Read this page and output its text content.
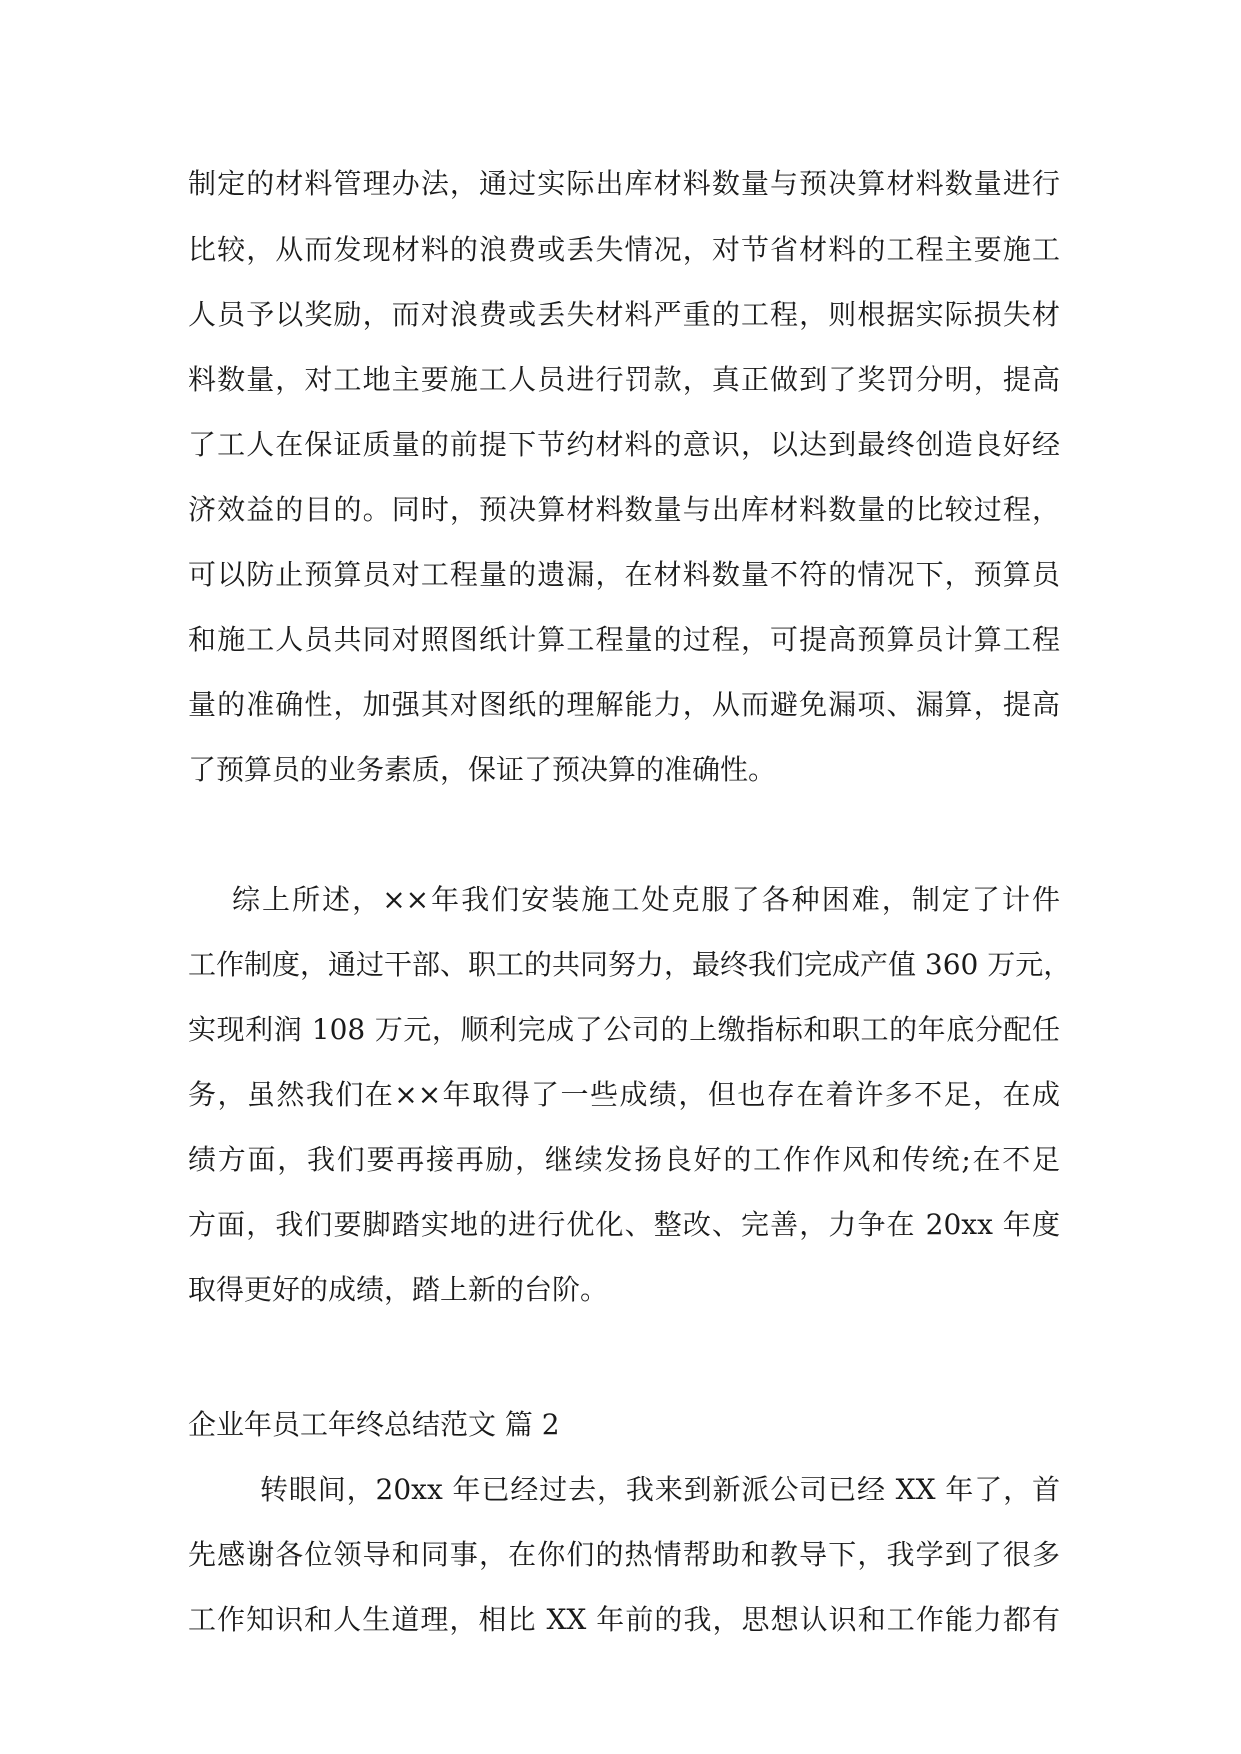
制定的材料管理办法，通过实际出库材料数量与预决算材料数量进行
比较，从而发现材料的浪费或丢失情况，对节省材料的工程主要施工
人员予以奖励，而对浪费或丢失材料严重的工程，则根据实际损失材
料数量，对工地主要施工人员进行罚款，真正做到了奖罚分明，提高
了工人在保证质量的前提下节约材料的意识，以达到最终创造良好经
济效益的目的。同时，预决算材料数量与出库材料数量的比较过程，
可以防止预算员对工程量的遗漏，在材料数量不符的情况下，预算员
和施工人员共同对照图纸计算工程量的过程，可提高预算员计算工程
量的准确性，加强其对图纸的理解能力，从而避免漏项、漏算，提高
了预算员的业务素质，保证了预决算的准确性。
综上所述，××年我们安装施工处克服了各种困难，制定了计件
工作制度，通过干部、职工的共同努力，最终我们完成产值 360 万元，
实现利润 108 万元，顺利完成了公司的上缴指标和职工的年底分配任
务，虽然我们在××年取得了一些成绩，但也存在着许多不足，在成
绩方面，我们要再接再励，继续发扬良好的工作作风和传统;在不足
方面，我们要脚踏实地的进行优化、整改、完善，力争在 20xx 年度
取得更好的成绩，踏上新的台阶。
企业年员工年终总结范文 篇 2
转眼间，20xx 年已经过去，我来到新派公司已经 XX 年了，首
先感谢各位领导和同事，在你们的热情帮助和教导下，我学到了很多
工作知识和人生道理，相比 XX 年前的我，思想认识和工作能力都有
